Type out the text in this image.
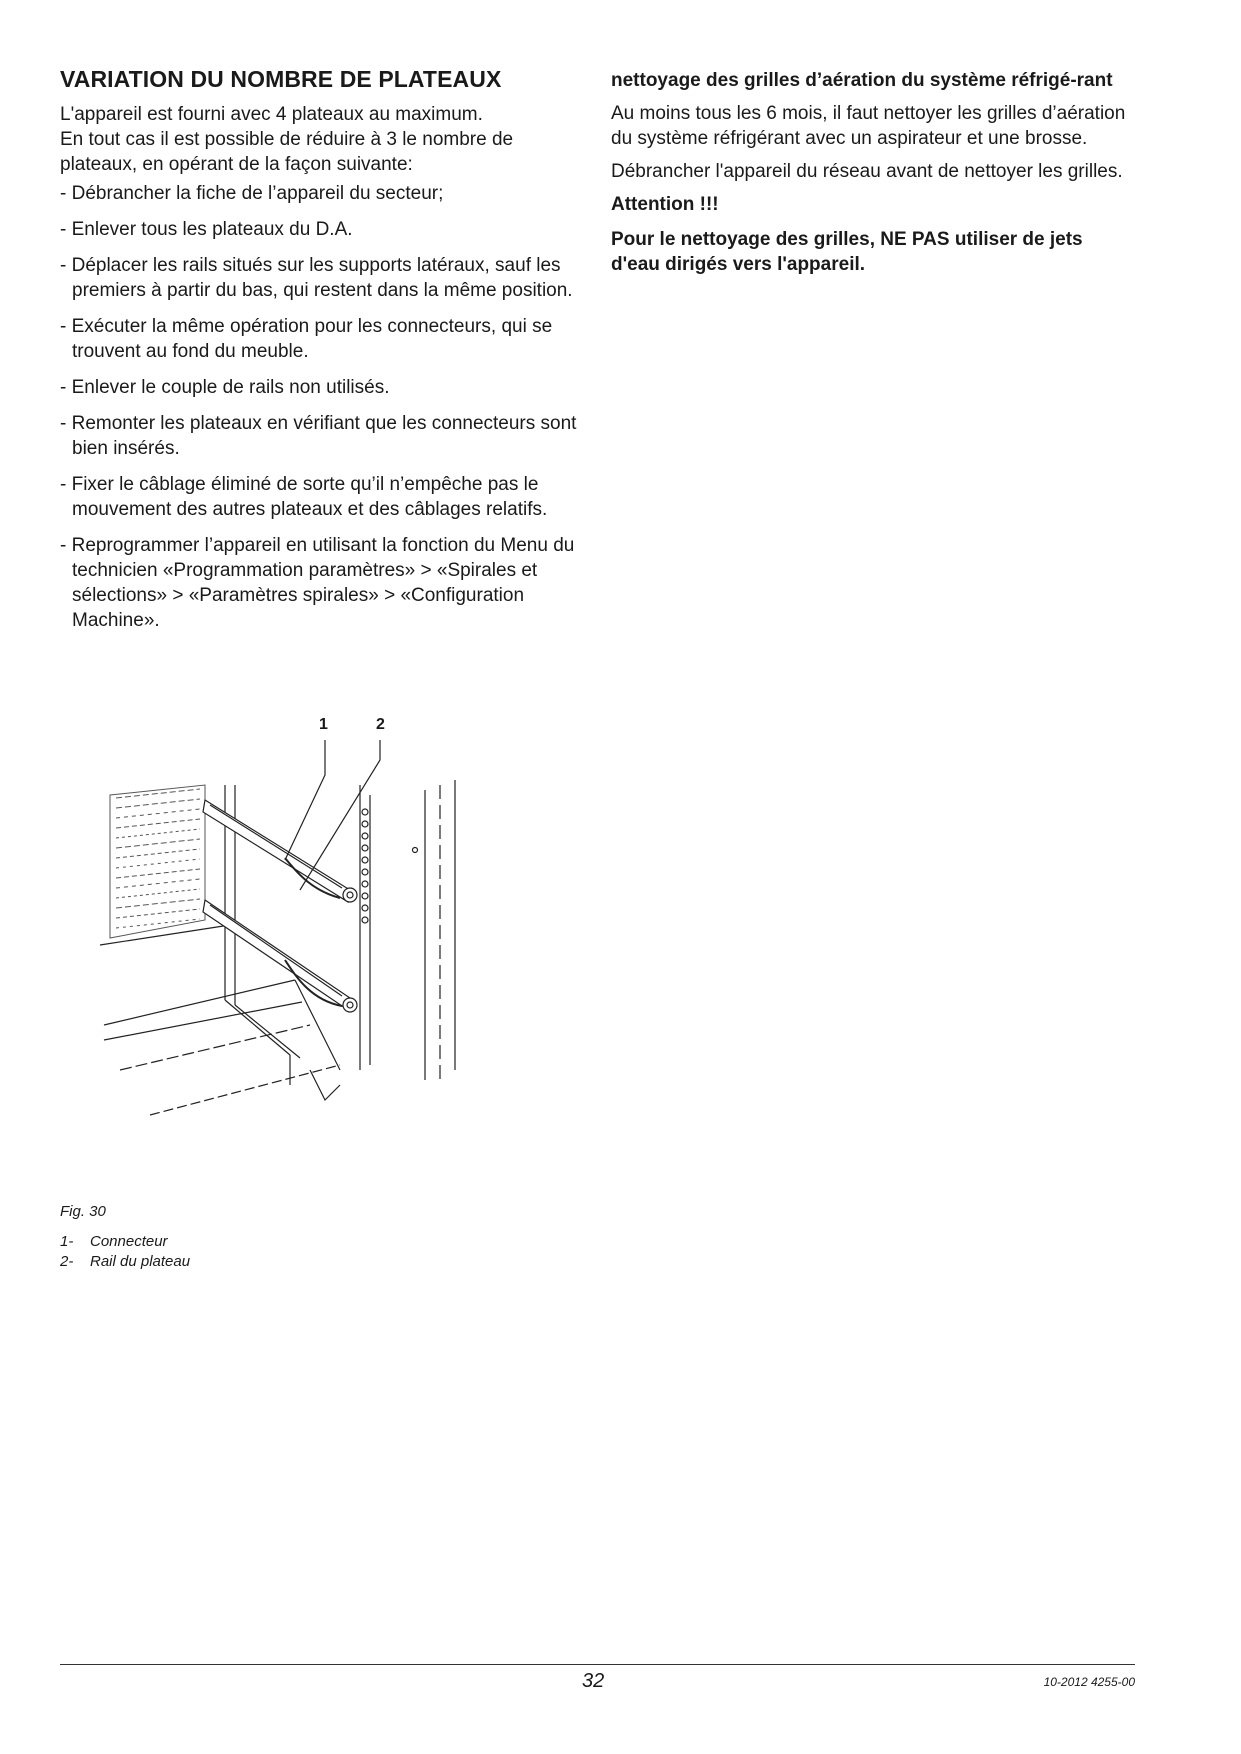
VARIATION DU NOMBRE DE PLATEAUX
L'appareil est fourni avec 4 plateaux au maximum.
En tout cas il est possible de réduire à 3 le nombre de
plateaux, en opérant de la façon suivante:
- Débrancher la fiche de l’appareil du secteur;
- Enlever tous les plateaux du D.A.
- Déplacer les rails situés sur les supports latéraux, sauf les premiers à partir du bas, qui restent dans la même position.
- Exécuter la même opération pour les connecteurs, qui se trouvent au fond du meuble.
- Enlever le couple de rails non utilisés.
- Remonter les plateaux en vérifiant que les connecteurs sont bien insérés.
- Fixer le câblage éliminé de sorte qu’il n’empêche pas le mouvement des autres plateaux et des câblages relatifs.
- Reprogrammer l’appareil en utilisant la fonction du Menu du technicien «Programmation paramètres» > «Spirales et sélections» > «Paramètres spirales» > «Configuration Machine».
nettoyage des grilles d’aération du système réfrigé-rant

Au moins tous les 6 mois, il faut nettoyer les grilles d’aération du système réfrigérant avec un aspirateur et une brosse.

Débrancher l'appareil du réseau avant de nettoyer les grilles.

Attention !!!

Pour le nettoyage des grilles, NE PAS utiliser de jets d'eau dirigés vers l'appareil.

1	2
Fig. 30
1-	Connecteur
2-	Rail du plateau
32	10-2012 4255-00
